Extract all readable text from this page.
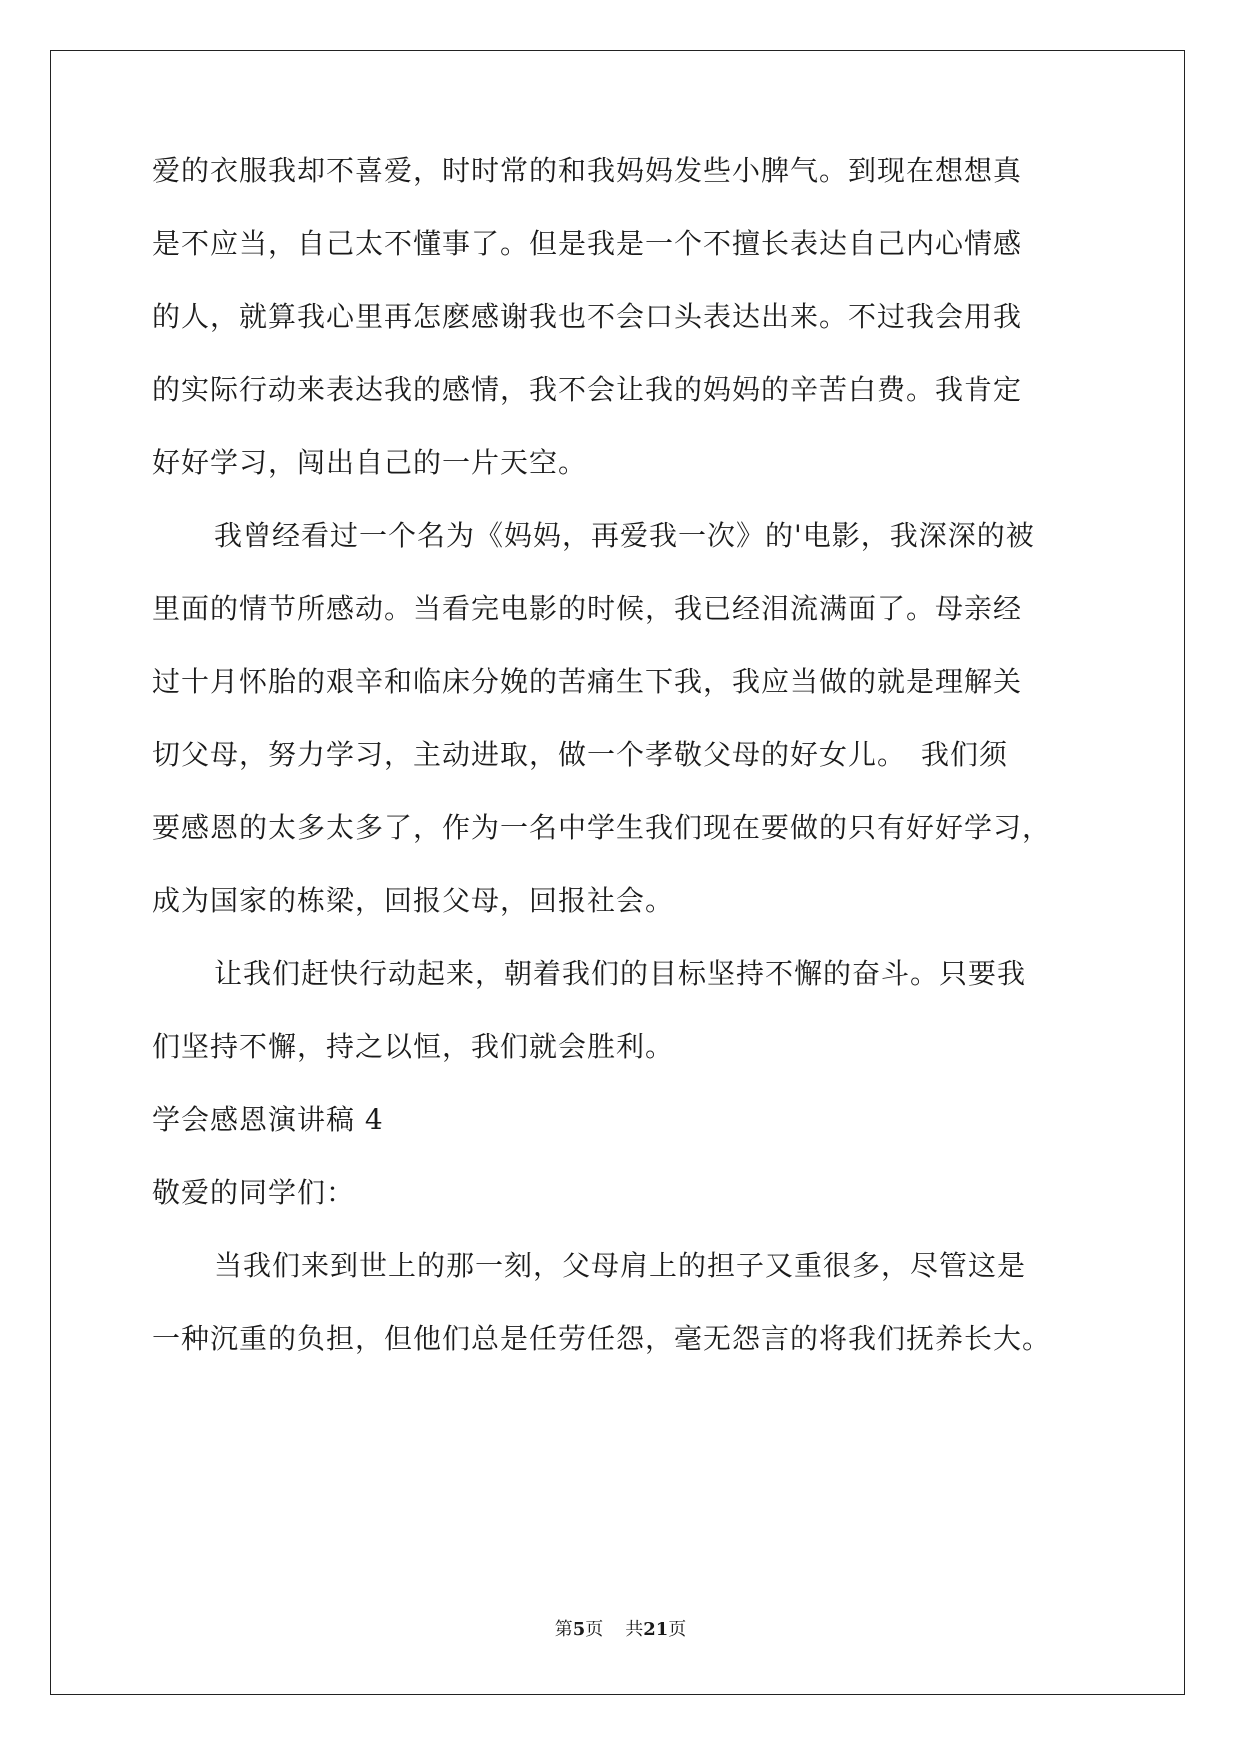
爱的衣服我却不喜爱，时时常的和我妈妈发些小脾气。到现在想想真
是不应当，自己太不懂事了。但是我是一个不擅长表达自己内心情感
的人，就算我心里再怎麽感谢我也不会口头表达出来。不过我会用我
的实际行动来表达我的感情，我不会让我的妈妈的辛苦白费。我肯定
好好学习，闯出自己的一片天空。
我曾经看过一个名为《妈妈，再爱我一次》的'电影，我深深的被
里面的情节所感动。当看完电影的时候，我已经泪流满面了。母亲经
过十月怀胎的艰辛和临床分娩的苦痛生下我，我应当做的就是理解关
切父母，努力学习，主动进取，做一个孝敬父母的好女儿。　我们须
要感恩的太多太多了，作为一名中学生我们现在要做的只有好好学习，
成为国家的栋梁，回报父母，回报社会。
让我们赶快行动起来，朝着我们的目标坚持不懈的奋斗。只要我
们坚持不懈，持之以恒，我们就会胜利。
学会感恩演讲稿 4
敬爱的同学们：
当我们来到世上的那一刻，父母肩上的担子又重很多，尽管这是
一种沉重的负担，但他们总是任劳任怨，毫无怨言的将我们抚养长大。
第5页 共21页
